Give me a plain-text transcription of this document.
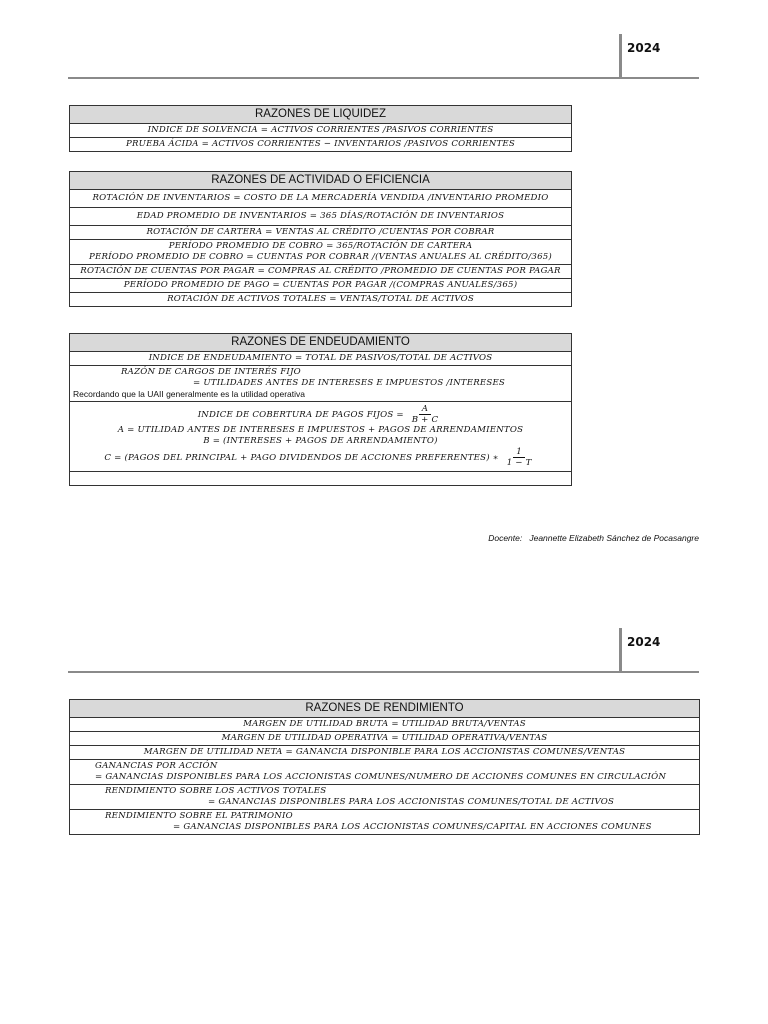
2024
RAZONES DE LIQUIDEZ
INDICE DE SOLVENCIA = ACTIVOS CORRIENTES /PASIVOS CORRIENTES
PRUEBA ÁCIDA = ACTIVOS CORRIENTES − INVENTARIOS /PASIVOS CORRIENTES
RAZONES DE ACTIVIDAD O EFICIENCIA
ROTACIÓN DE INVENTARIOS = COSTO DE LA MERCADERÍA VENDIDA /INVENTARIO PROMEDIO
EDAD PROMEDIO DE INVENTARIOS = 365 DÍAS/ROTACIÓN DE INVENTARIOS
ROTACIÓN DE CARTERA = VENTAS AL CRÉDITO /CUENTAS POR COBRAR

PERÍODO PROMEDIO DE COBRO = 365/ROTACIÓN DE CARTERA
PERÍODO PROMEDIO DE COBRO = CUENTAS POR COBRAR /(VENTAS ANUALES AL CRÉDITO/365)

ROTACIÓN DE CUENTAS POR PAGAR = COMPRAS AL CRÉDITO /PROMEDIO DE CUENTAS POR PAGAR
PERÍODO PROMEDIO DE PAGO = CUENTAS POR PAGAR /(COMPRAS ANUALES/365)
ROTACIÓN DE ACTIVOS TOTALES = VENTAS/TOTAL DE ACTIVOS
RAZONES DE ENDEUDAMIENTO
INDICE DE ENDEUDAMIENTO = TOTAL DE PASIVOS/TOTAL DE ACTIVOS

RAZÓN DE CARGOS DE INTERÉS FIJO
= UTILIDADES ANTES DE INTERESES E IMPUESTOS /INTERESES
Recordando que la UAII generalmente es la utilidad operativa

INDICE DE COBERTURA DE PAGOS FIJOS = $\frac{A}{B + C}$
A = UTILIDAD ANTES DE INTERESES E IMPUESTOS + PAGOS DE ARRENDAMIENTOS
B = (INTERESES + PAGOS DE ARRENDAMIENTO)
C = (PAGOS DEL PRINCIPAL + PAGO DIVIDENDOS DE ACCIONES PREFERENTES) ∗ $\frac{1}{1 - T}$

Docente: Jeannette Elizabeth Sánchez de Pocasangre
2024
RAZONES DE RENDIMIENTO
MARGEN DE UTILIDAD BRUTA = UTILIDAD BRUTA/VENTAS
MARGEN DE UTILIDAD OPERATIVA = UTILIDAD OPERATIVA/VENTAS
MARGEN DE UTILIDAD NETA = GANANCIA DISPONIBLE PARA LOS ACCIONISTAS COMUNES/VENTAS

GANANCIAS POR ACCIÓN
= GANANCIAS DISPONIBLES PARA LOS ACCIONISTAS COMUNES/NUMERO DE ACCIONES COMUNES EN CIRCULACIÓN

RENDIMIENTO SOBRE LOS ACTIVOS TOTALES
= GANANCIAS DISPONIBLES PARA LOS ACCIONISTAS COMUNES/TOTAL DE ACTIVOS

RENDIMIENTO SOBRE EL PATRIMONIO
= GANANCIAS DISPONIBLES PARA LOS ACCIONISTAS COMUNES/CAPITAL EN ACCIONES COMUNES
